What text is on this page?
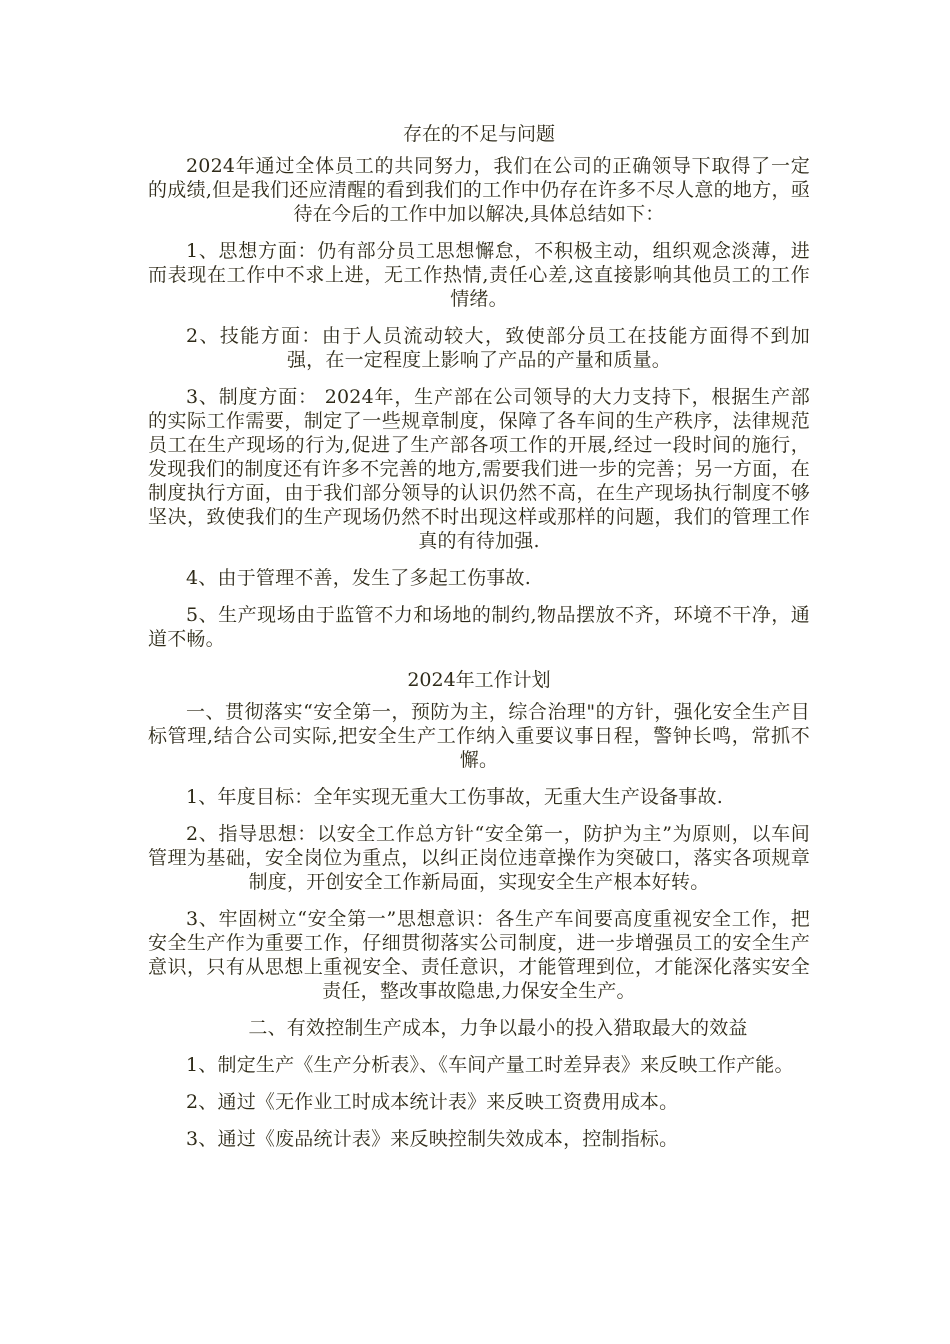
存在的不足与问题

2024年通过全体员工的共同努力，我们在公司的正确领导下取得了一定的成绩,但是我们还应清醒的看到我们的工作中仍存在许多不尽人意的地方，亟待在今后的工作中加以解决,具体总结如下：

1、思想方面：仍有部分员工思想懈怠，不积极主动，组织观念淡薄，进而表现在工作中不求上进，无工作热情,责任心差,这直接影响其他员工的工作情绪。

2、技能方面：由于人员流动较大，致使部分员工在技能方面得不到加强，在一定程度上影响了产品的产量和质量。

3、制度方面： 2024年，生产部在公司领导的大力支持下，根据生产部的实际工作需要，制定了一些规章制度，保障了各车间的生产秩序，法律规范员工在生产现场的行为,促进了生产部各项工作的开展,经过一段时间的施行，发现我们的制度还有许多不完善的地方,需要我们进一步的完善；另一方面，在制度执行方面，由于我们部分领导的认识仍然不高，在生产现场执行制度不够坚决，致使我们的生产现场仍然不时出现这样或那样的问题，我们的管理工作真的有待加强.

4、由于管理不善，发生了多起工伤事故.

5、生产现场由于监管不力和场地的制约,物品摆放不齐，环境不干净，通道不畅。

2024年工作计划

一、贯彻落实“安全第一，预防为主，综合治理"的方针，强化安全生产目标管理,结合公司实际,把安全生产工作纳入重要议事日程，警钟长鸣，常抓不懈。

1、年度目标：全年实现无重大工伤事故，无重大生产设备事故.

2、指导思想：以安全工作总方针“安全第一，防护为主”为原则，以车间管理为基础，安全岗位为重点，以纠正岗位违章操作为突破口，落实各项规章制度，开创安全工作新局面，实现安全生产根本好转。

3、牢固树立“安全第一”思想意识：各生产车间要高度重视安全工作，把安全生产作为重要工作，仔细贯彻落实公司制度，进一步增强员工的安全生产意识，只有从思想上重视安全、责任意识，才能管理到位，才能深化落实安全责任，整改事故隐患,力保安全生产。

二、有效控制生产成本，力争以最小的投入猎取最大的效益

1、制定生产《生产分析表》、《车间产量工时差异表》来反映工作产能。

2、通过《无作业工时成本统计表》来反映工资费用成本。

3、通过《废品统计表》来反映控制失效成本，控制指标。
